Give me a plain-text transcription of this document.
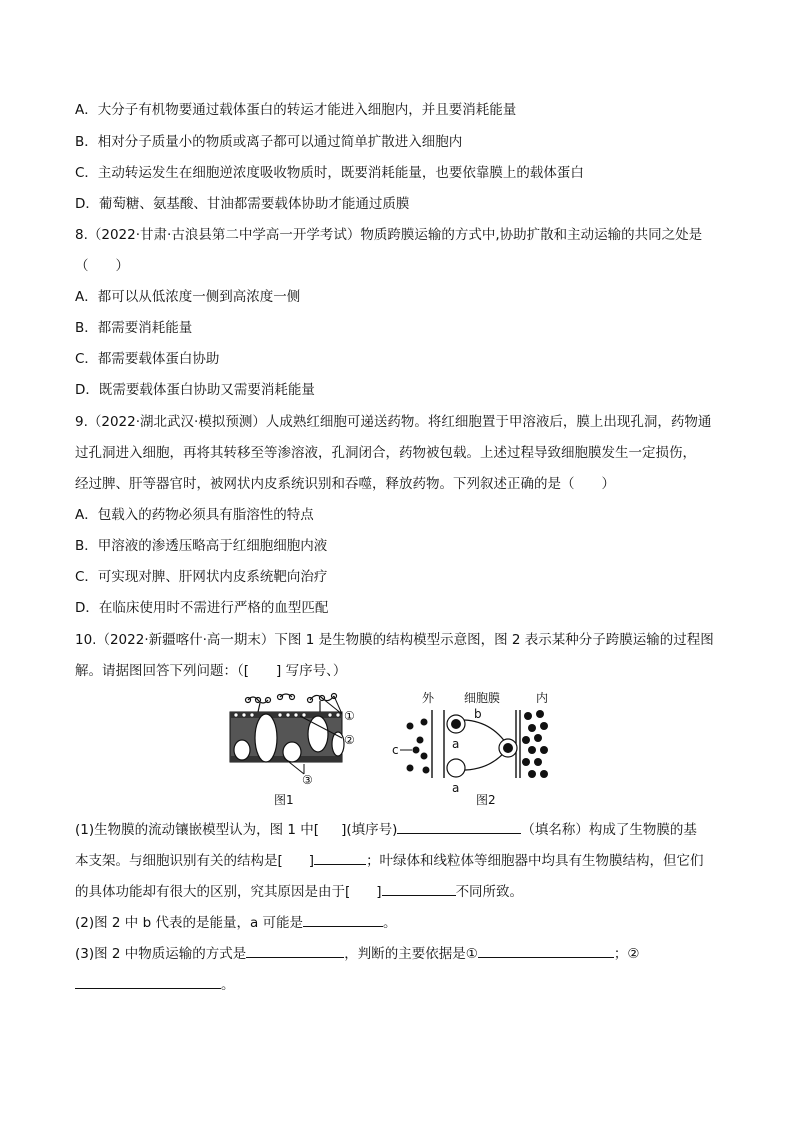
A．大分子有机物要通过载体蛋白的转运才能进入细胞内，并且要消耗能量
B．相对分子质量小的物质或离子都可以通过简单扩散进入细胞内
C．主动转运发生在细胞逆浓度吸收物质时，既要消耗能量，也要依靠膜上的载体蛋白
D．葡萄糖、氨基酸、甘油都需要载体协助才能通过质膜
8.（2022·甘肃·古浪县第二中学高一开学考试）物质跨膜运输的方式中,协助扩散和主动运输的共同之处是
（　　）
A．都可以从低浓度一侧到高浓度一侧
B．都需要消耗能量
C．都需要载体蛋白协助
D．既需要载体蛋白协助又需要消耗能量
9.（2022·湖北武汉·模拟预测）人成熟红细胞可递送药物。将红细胞置于甲溶液后，膜上出现孔洞，药物通
过孔洞进入细胞，再将其转移至等渗溶液，孔洞闭合，药物被包载。上述过程导致细胞膜发生一定损伤，
经过脾、肝等器官时，被网状内皮系统识别和吞噬，释放药物。下列叙述正确的是（　　）
A．包载入的药物必须具有脂溶性的特点
B．甲溶液的渗透压略高于红细胞细胞内液
C．可实现对脾、肝网状内皮系统靶向治疗
D．在临床使用时不需进行严格的血型匹配
10.（2022·新疆喀什·高一期末）下图 1 是生物膜的结构模型示意图，图 2 表示某种分子跨膜运输的过程图
解。请据图回答下列问题：（[　　] 写序号、）
①
②
③
图1
外 细胞膜	内
b
a
a
c
图2
(1)生物膜的流动镶嵌模型认为，图 1 中[ ](填序号)	（填名称）构成了生物膜的基
本支架。与细胞识别有关的结构是[ ]	；叶绿体和线粒体等细胞器中均具有生物膜结构，但它们
的具体功能却有很大的区别，究其原因是由于[ ]	不同所致。
(2)图 2 中 b 代表的是能量，a 可能是	。
(3)图 2 中物质运输的方式是	，判断的主要依据是①	；②
。
